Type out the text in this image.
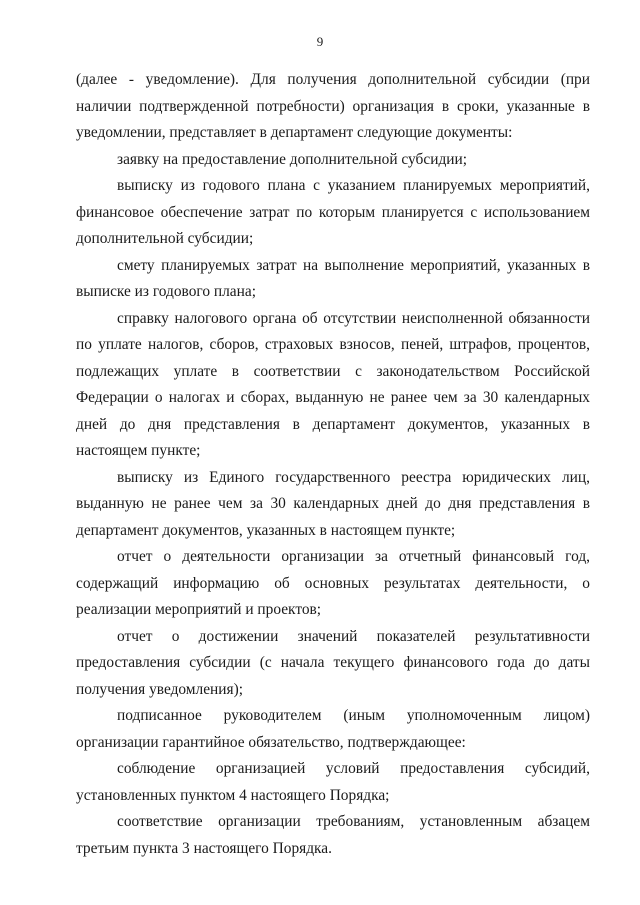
9

(далее - уведомление). Для получения дополнительной субсидии (при наличии подтвержденной потребности) организация в сроки, указанные в уведомлении, представляет в департамент следующие документы:

заявку на предоставление дополнительной субсидии;

выписку из годового плана с указанием планируемых мероприятий, финансовое обеспечение затрат по которым планируется с использованием дополнительной субсидии;

смету планируемых затрат на выполнение мероприятий, указанных в выписке из годового плана;

справку налогового органа об отсутствии неисполненной обязанности по уплате налогов, сборов, страховых взносов, пеней, штрафов, процентов, подлежащих уплате в соответствии с законодательством Российской Федерации о налогах и сборах, выданную не ранее чем за 30 календарных дней до дня представления в департамент документов, указанных в настоящем пункте;

выписку из Единого государственного реестра юридических лиц, выданную не ранее чем за 30 календарных дней до дня представления в департамент документов, указанных в настоящем пункте;

отчет о деятельности организации за отчетный финансовый год, содержащий информацию об основных результатах деятельности, о реализации мероприятий и проектов;

отчет о достижении значений показателей результативности предоставления субсидии (с начала текущего финансового года до даты получения уведомления);

подписанное руководителем (иным уполномоченным лицом) организации гарантийное обязательство, подтверждающее:

соблюдение организацией условий предоставления субсидий, установленных пунктом 4 настоящего Порядка;

соответствие организации требованиям, установленным абзацем третьим пункта 3 настоящего Порядка.
